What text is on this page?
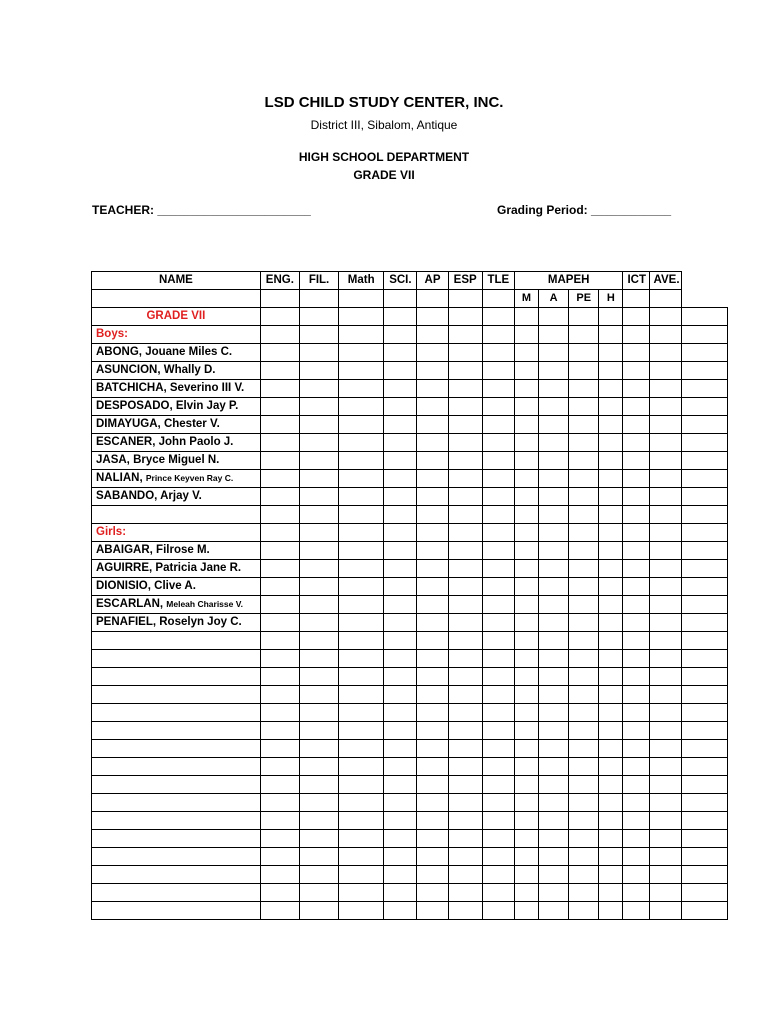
LSD CHILD STUDY CENTER, INC.
District III, Sibalom, Antique
HIGH SCHOOL DEPARTMENT
GRADE VII
TEACHER: _______________________	Grading Period: ____________
NAME	ENG.	FIL.	Math	SCI.	AP	ESP	TLE	MAPEH				ICT	AVE.	
								M	A	PE	H			
GRADE VII														
Boys:														
ABONG, Jouane Miles C.														
ASUNCION, Whally D.														
BATCHICHA, Severino III V.														
DESPOSADO, Elvin Jay P.														
DIMAYUGA, Chester V.														
ESCANER, John Paolo J.														
JASA, Bryce Miguel N.														
NALIAN, Prince Keyven Ray C.														
SABANDO, Arjay V.														

Girls:														
ABAIGAR, Filrose M.														
AGUIRRE, Patricia Jane R.														
DIONISIO, Clive A.														
ESCARLAN, Meleah Charisse V.														
PENAFIEL, Roselyn Joy C.														
